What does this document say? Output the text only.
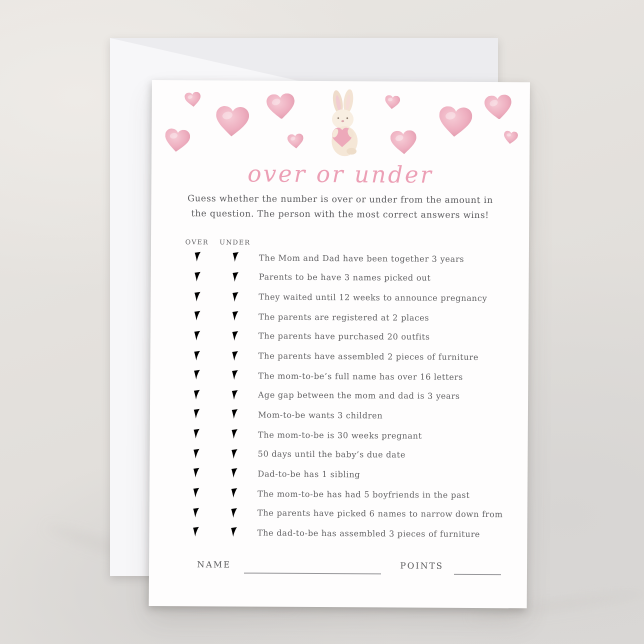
over or under
Guess whether the number is over or under from the amount in
the question. The person with the most correct answers wins!
OVER	UNDER
The Mom and Dad have been together 3 years
Parents to be have 3 names picked out
They waited until 12 weeks to announce pregnancy
The parents are registered at 2 places
The parents have purchased 20 outfits
The parents have assembled 2 pieces of furniture
The mom-to-be’s full name has over 16 letters
Age gap between the mom and dad is 3 years
Mom-to-be wants 3 children
The mom-to-be is 30 weeks pregnant
50 days until the baby’s due date
Dad-to-be has 1 sibling
The mom-to-be has had 5 boyfriends in the past
The parents have picked 6 names to narrow down from
The dad-to-be has assembled 3 pieces of furniture
NAME	POINTS
